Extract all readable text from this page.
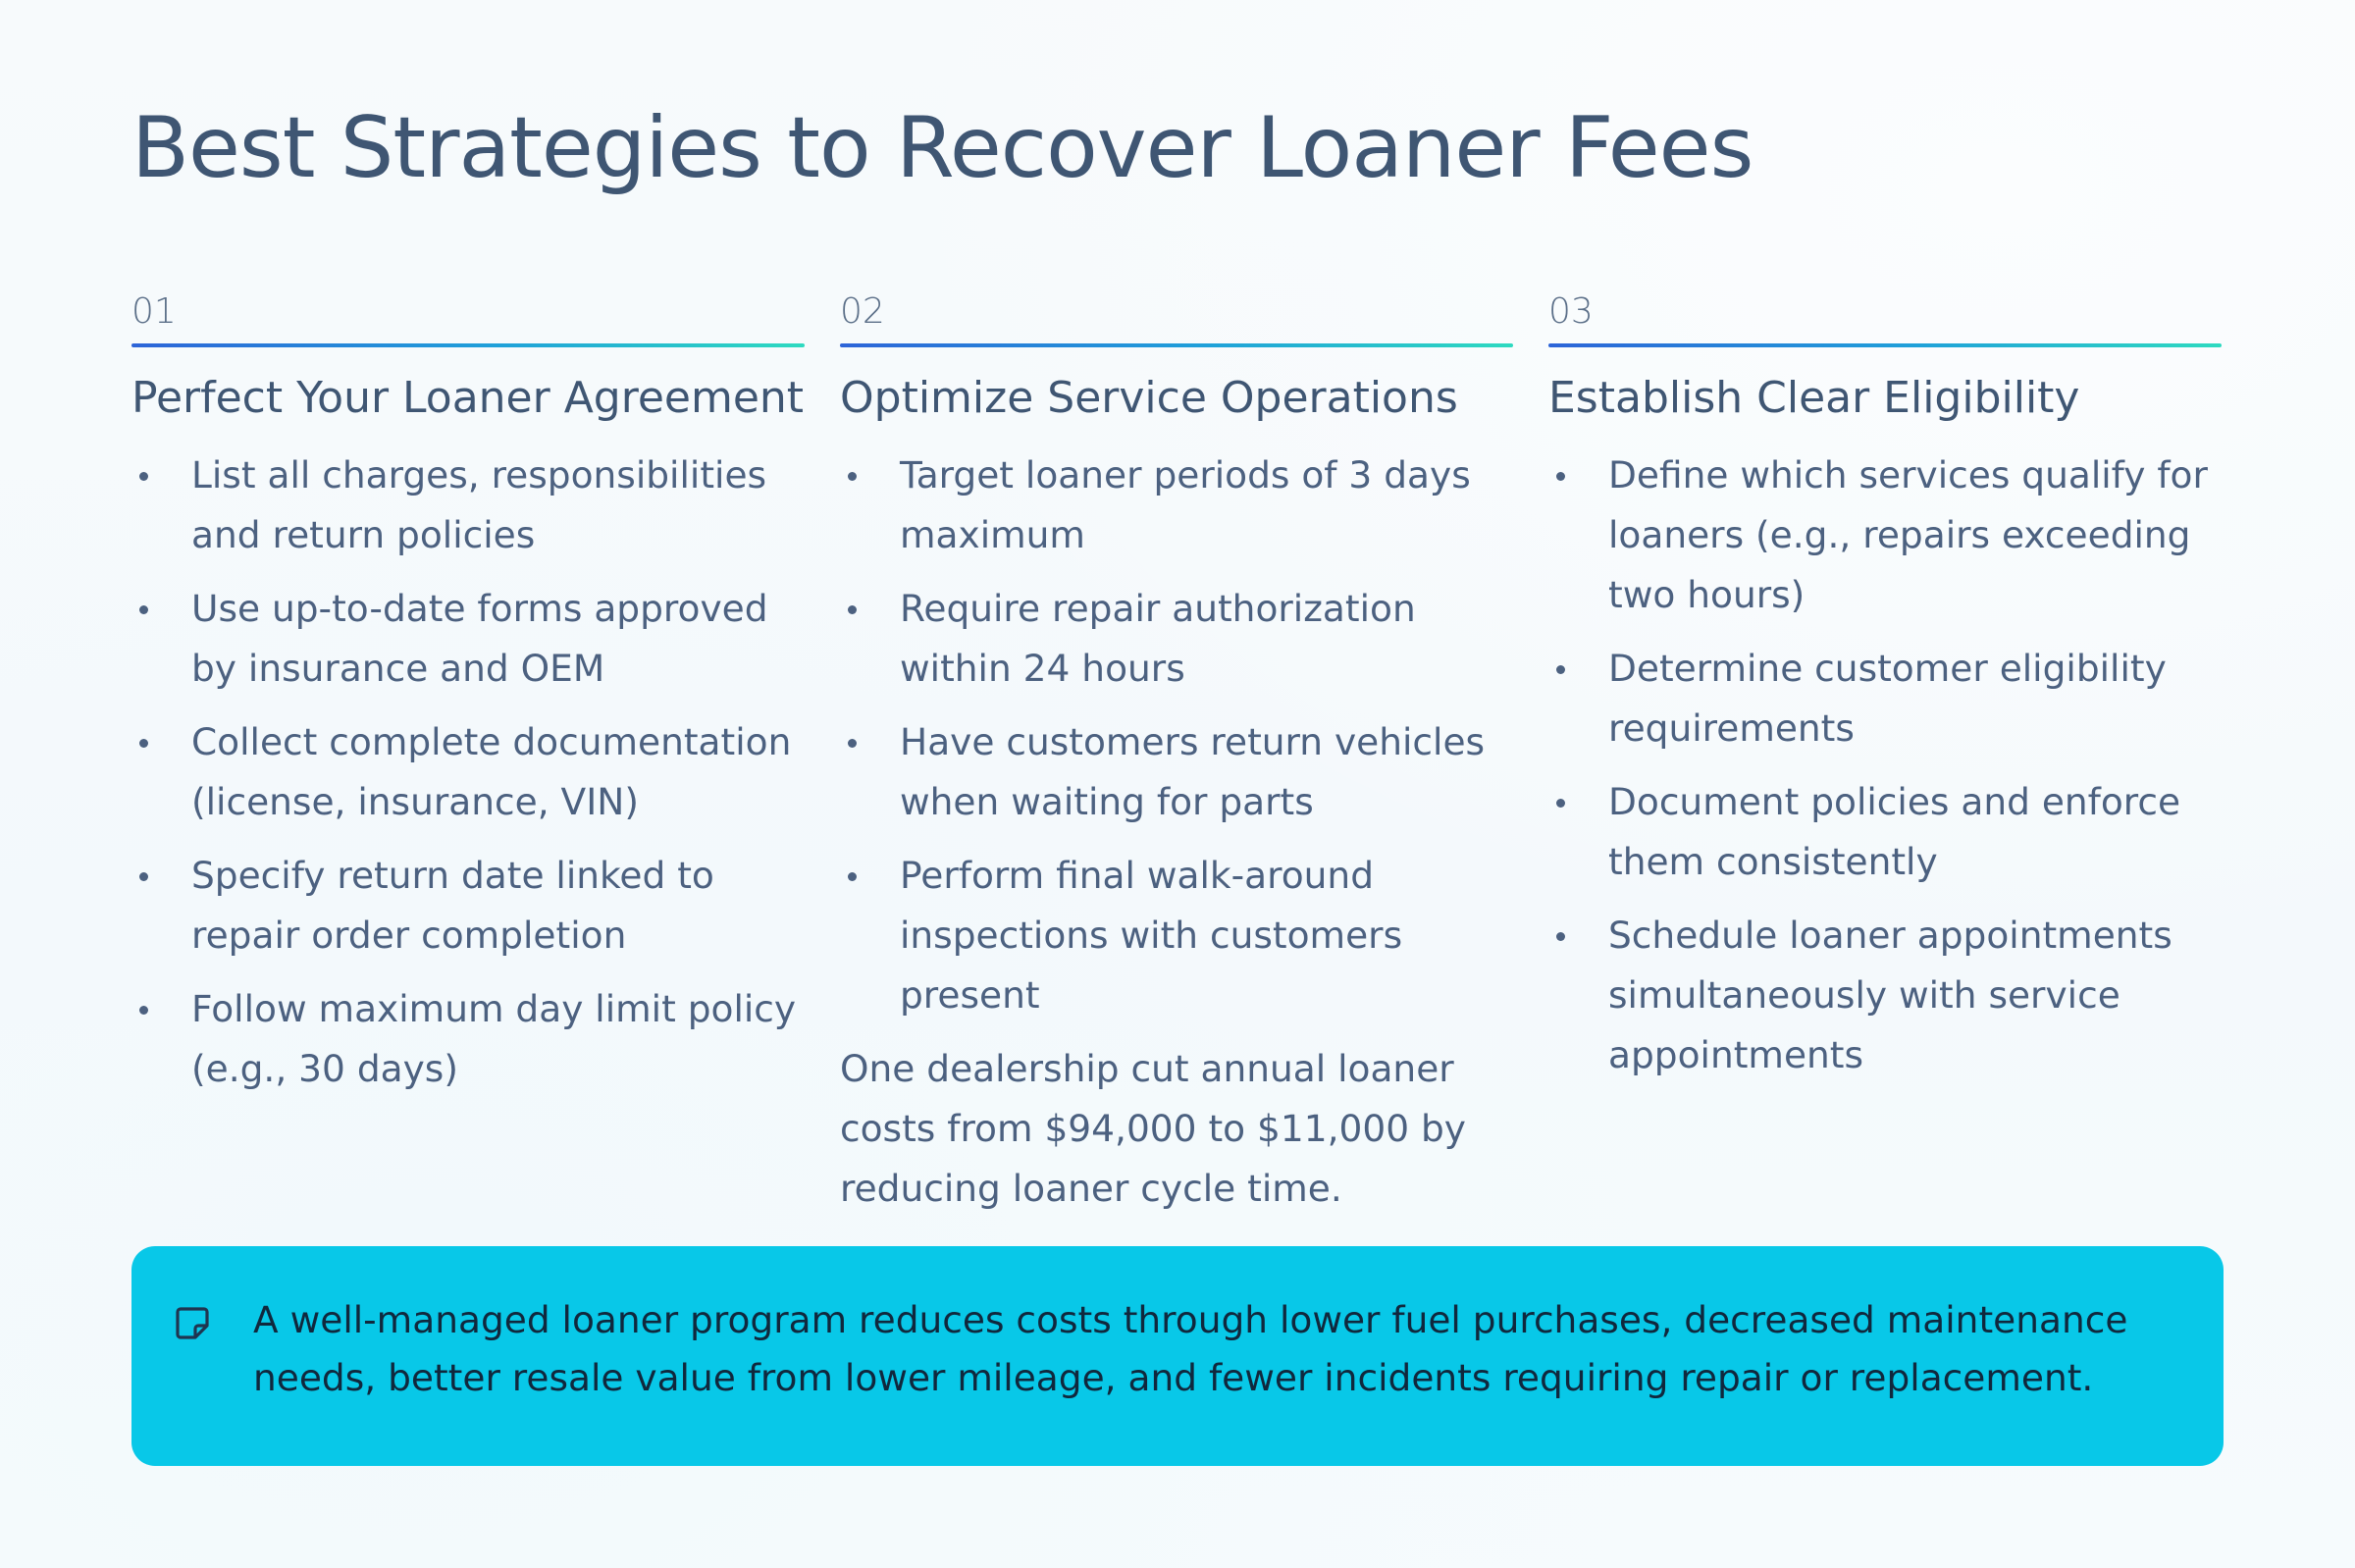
Best Strategies to Recover Loaner Fees
01
Perfect Your Loaner Agreement
List all charges, responsibilities and return policies
Use up-to-date forms approved by insurance and OEM
Collect complete documentation (license, insurance, VIN)
Specify return date linked to repair order completion
Follow maximum day limit policy (e.g., 30 days)
02
Optimize Service Operations
Target loaner periods of 3 days maximum
Require repair authorization within 24 hours
Have customers return vehicles when waiting for parts
Perform final walk-around inspections with customers present

One dealership cut annual loaner costs from $94,000 to $11,000 by reducing loaner cycle time.

03
Establish Clear Eligibility
Define which services qualify for loaners (e.g., repairs exceeding two hours)
Determine customer eligibility requirements
Document policies and enforce them consistently
Schedule loaner appointments simultaneously with service appointments

A well-managed loaner program reduces costs through lower fuel purchases, decreased maintenance needs, better resale value from lower mileage, and fewer incidents requiring repair or replacement.
